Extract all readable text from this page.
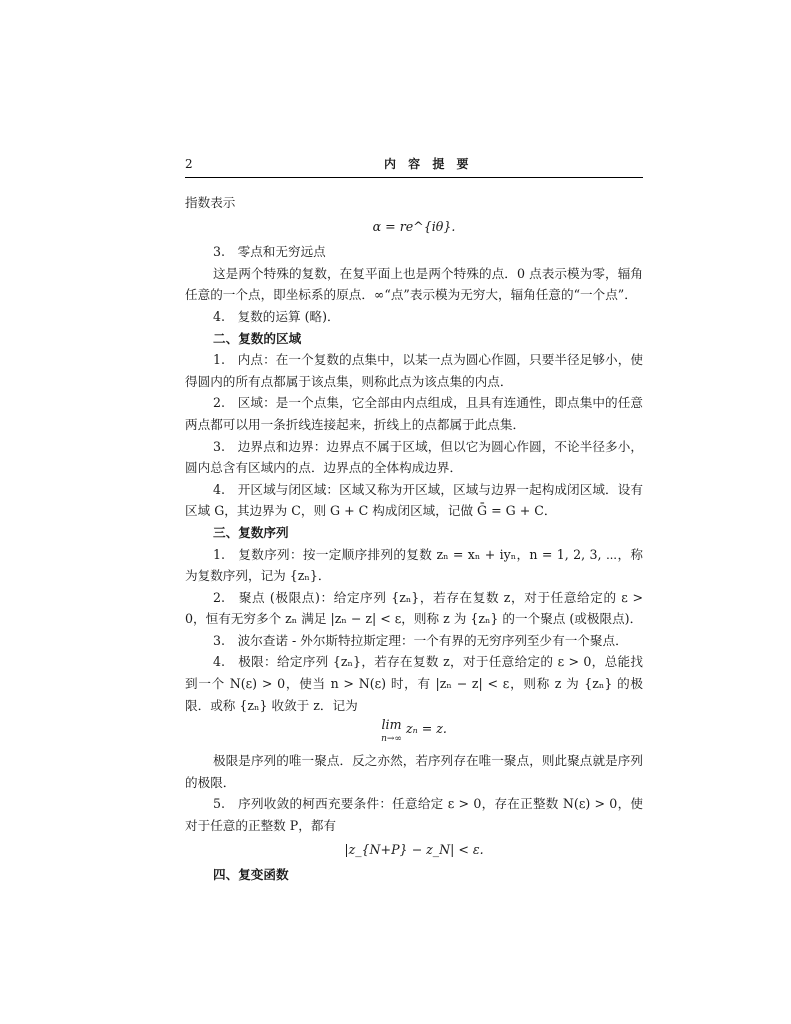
2	内 容 提 要

指数表示

α = re^{iθ}.

3.　零点和无穷远点

这是两个特殊的复数，在复平面上也是两个特殊的点．0 点表示模为零，辐角任意的一个点，即坐标系的原点．∞“点”表示模为无穷大，辐角任意的“一个点”．

4.　复数的运算 (略)．

二、复数的区域

1.　内点：在一个复数的点集中，以某一点为圆心作圆，只要半径足够小，使得圆内的所有点都属于该点集，则称此点为该点集的内点．

2.　区域：是一个点集，它全部由内点组成，且具有连通性，即点集中的任意两点都可以用一条折线连接起来，折线上的点都属于此点集．

3.　边界点和边界：边界点不属于区域，但以它为圆心作圆，不论半径多小，圆内总含有区域内的点．边界点的全体构成边界．

4.　开区域与闭区域：区域又称为开区域，区域与边界一起构成闭区域．设有区域 G，其边界为 C，则 G + C 构成闭区域，记做 Ḡ = G + C．

三、复数序列

1.　复数序列：按一定顺序排列的复数 zₙ = xₙ + iyₙ，n = 1, 2, 3, ⋯，称为复数序列，记为 {zₙ}．

2.　聚点 (极限点)：给定序列 {zₙ}，若存在复数 z，对于任意给定的 ε > 0，恒有无穷多个 zₙ 满足 |zₙ − z| < ε，则称 z 为 {zₙ} 的一个聚点 (或极限点)．

3.　波尔查诺 - 外尔斯特拉斯定理：一个有界的无穷序列至少有一个聚点．

4.　极限：给定序列 {zₙ}，若存在复数 z，对于任意给定的 ε > 0，总能找到一个 N(ε) > 0，使当 n > N(ε) 时，有 |zₙ − z| < ε，则称 z 为 {zₙ} 的极限．或称 {zₙ} 收敛于 z．记为

lim
n→∞
zₙ = z.

极限是序列的唯一聚点．反之亦然，若序列存在唯一聚点，则此聚点就是序列的极限．

5.　序列收敛的柯西充要条件：任意给定 ε > 0，存在正整数 N(ε) > 0，使对于任意的正整数 P，都有

|z_{N+P} − z_N| < ε.

四、复变函数
